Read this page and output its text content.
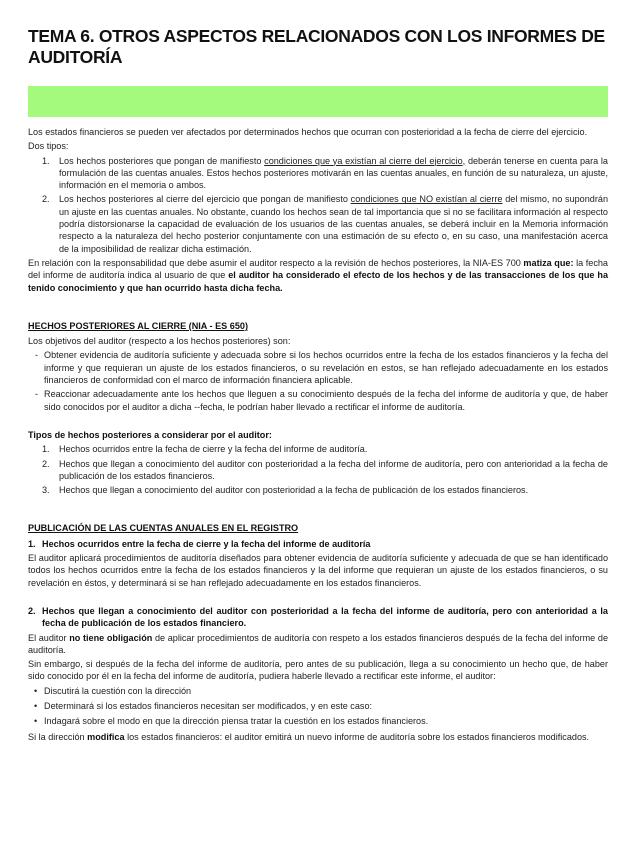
TEMA 6. OTROS ASPECTOS RELACIONADOS CON LOS INFORMES DE AUDITORÍA

Los estados financieros se pueden ver afectados por determinados hechos que ocurran con posterioridad a la fecha de cierre del ejercicio.

Dos tipos:

1. Los hechos posteriores que pongan de manifiesto condiciones que ya existían al cierre del ejercicio, deberán tenerse en cuenta para la formulación de las cuentas anuales. Estos hechos posteriores motivarán en las cuentas anuales, en función de su naturaleza, un ajuste, información en el memoria o ambos.
2. Los hechos posteriores al cierre del ejercicio que pongan de manifiesto condiciones que NO existían al cierre del mismo, no supondrán un ajuste en las cuentas anuales. No obstante, cuando los hechos sean de tal importancia que si no se facilitara información al respecto podría distorsionarse la capacidad de evaluación de los usuarios de las cuentas anuales, se deberá incluir en la Memoria información respecto a la naturaleza del hecho posterior conjuntamente con una estimación de su efecto o, en su caso, una manifestación acerca de la imposibilidad de realizar dicha estimación.

En relación con la responsabilidad que debe asumir el auditor respecto a la revisión de hechos posteriores, la NIA-ES 700 matiza que: la fecha del informe de auditoría indica al usuario de que el auditor ha considerado el efecto de los hechos y de las transacciones de los que ha tenido conocimiento y que han ocurrido hasta dicha fecha.

HECHOS POSTERIORES AL CIERRE (NIA - ES 650)

Los objetivos del auditor (respecto a los hechos posteriores) son:

- Obtener evidencia de auditoría suficiente y adecuada sobre si los hechos ocurridos entre la fecha de los estados financieros y la fecha del informe y que requieran un ajuste de los estados financieros, o su revelación en estos, se han reflejado adecuadamente en los estados financieros de conformidad con el marco de información financiera aplicable.
- Reaccionar adecuadamente ante los hechos que lleguen a su conocimiento después de la fecha del informe de auditoría y que, de haber sido conocidos por el auditor a dicha --fecha, le podrían haber llevado a rectificar el informe de auditoría.

Tipos de hechos posteriores a considerar por el auditor:

1. Hechos ocurridos entre la fecha de cierre y la fecha del informe de auditoría.
2. Hechos que llegan a conocimiento del auditor con posterioridad a la fecha del informe de auditoría, pero con anterioridad a la fecha de publicación de los estados financieros.
3. Hechos que llegan a conocimiento del auditor con posterioridad a la fecha de publicación de los estados financieros.
PUBLICACIÓN DE LAS CUENTAS ANUALES EN EL REGISTRO

1. Hechos ocurridos entre la fecha de cierre y la fecha del informe de auditoría

El auditor aplicará procedimientos de auditoría diseñados para obtener evidencia de auditoría suficiente y adecuada de que se han identificado todos los hechos ocurridos entre la fecha de los estados financieros y la del informe que requieran un ajuste de los estados financieros, o su revelación en éstos, y determinará si se han reflejado adecuadamente en los estados financieros.

2. Hechos que llegan a conocimiento del auditor con posterioridad a la fecha del informe de auditoría, pero con anterioridad a la fecha de publicación de los estados financiero.

El auditor no tiene obligación de aplicar procedimientos de auditoría con respeto a los estados financieros después de la fecha del informe de auditoría.

Sin embargo, si después de la fecha del informe de auditoría, pero antes de su publicación, llega a su conocimiento un hecho que, de haber sido conocido por él en la fecha del informe de auditoría, pudiera haberle llevado a rectificar este informe, el auditor:

• Discutirá la cuestión con la dirección
• Determinará si los estados financieros necesitan ser modificados, y en este caso:
• Indagará sobre el modo en que la dirección piensa tratar la cuestión en los estados financieros.

Si la dirección modifica los estados financieros: el auditor emitirá un nuevo informe de auditoría sobre los estados financieros modificados.
